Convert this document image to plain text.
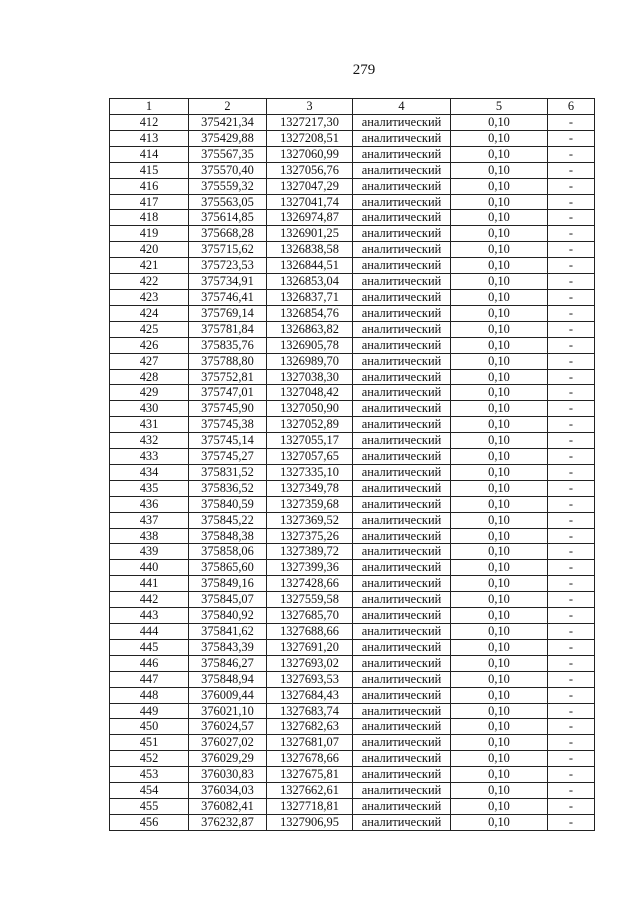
279
1	2	3	4	5	6
412	375421,34	1327217,30	аналитический	0,10	-
413	375429,88	1327208,51	аналитический	0,10	-
414	375567,35	1327060,99	аналитический	0,10	-
415	375570,40	1327056,76	аналитический	0,10	-
416	375559,32	1327047,29	аналитический	0,10	-
417	375563,05	1327041,74	аналитический	0,10	-
418	375614,85	1326974,87	аналитический	0,10	-
419	375668,28	1326901,25	аналитический	0,10	-
420	375715,62	1326838,58	аналитический	0,10	-
421	375723,53	1326844,51	аналитический	0,10	-
422	375734,91	1326853,04	аналитический	0,10	-
423	375746,41	1326837,71	аналитический	0,10	-
424	375769,14	1326854,76	аналитический	0,10	-
425	375781,84	1326863,82	аналитический	0,10	-
426	375835,76	1326905,78	аналитический	0,10	-
427	375788,80	1326989,70	аналитический	0,10	-
428	375752,81	1327038,30	аналитический	0,10	-
429	375747,01	1327048,42	аналитический	0,10	-
430	375745,90	1327050,90	аналитический	0,10	-
431	375745,38	1327052,89	аналитический	0,10	-
432	375745,14	1327055,17	аналитический	0,10	-
433	375745,27	1327057,65	аналитический	0,10	-
434	375831,52	1327335,10	аналитический	0,10	-
435	375836,52	1327349,78	аналитический	0,10	-
436	375840,59	1327359,68	аналитический	0,10	-
437	375845,22	1327369,52	аналитический	0,10	-
438	375848,38	1327375,26	аналитический	0,10	-
439	375858,06	1327389,72	аналитический	0,10	-
440	375865,60	1327399,36	аналитический	0,10	-
441	375849,16	1327428,66	аналитический	0,10	-
442	375845,07	1327559,58	аналитический	0,10	-
443	375840,92	1327685,70	аналитический	0,10	-
444	375841,62	1327688,66	аналитический	0,10	-
445	375843,39	1327691,20	аналитический	0,10	-
446	375846,27	1327693,02	аналитический	0,10	-
447	375848,94	1327693,53	аналитический	0,10	-
448	376009,44	1327684,43	аналитический	0,10	-
449	376021,10	1327683,74	аналитический	0,10	-
450	376024,57	1327682,63	аналитический	0,10	-
451	376027,02	1327681,07	аналитический	0,10	-
452	376029,29	1327678,66	аналитический	0,10	-
453	376030,83	1327675,81	аналитический	0,10	-
454	376034,03	1327662,61	аналитический	0,10	-
455	376082,41	1327718,81	аналитический	0,10	-
456	376232,87	1327906,95	аналитический	0,10	-
